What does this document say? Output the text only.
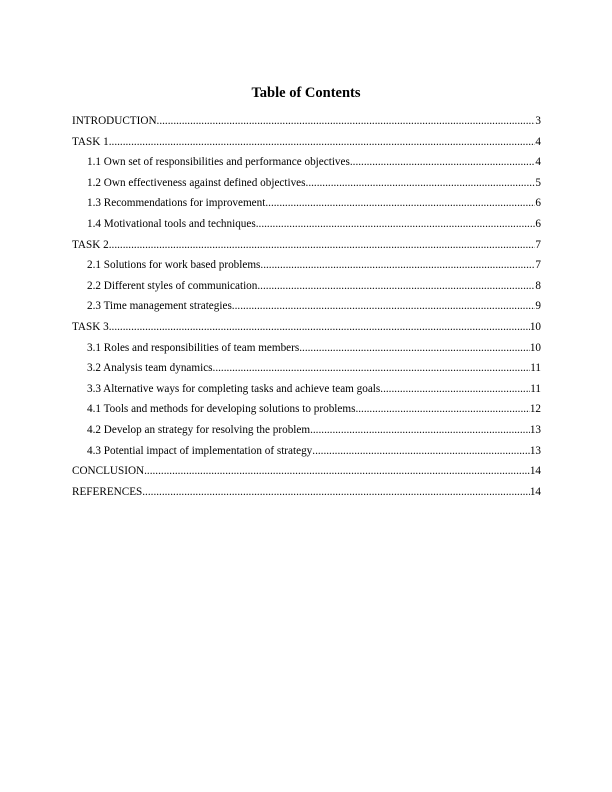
Table of Contents
INTRODUCTION .....	3
TASK 1 .....	4
1.1 Own set of responsibilities and performance objectives .....	4
1.2 Own effectiveness against defined objectives .....	5
1.3 Recommendations for improvement .....	6
1.4 Motivational tools and techniques .....	6
TASK 2 .....	7
2.1 Solutions for work based problems .....	7
2.2 Different styles of communication .....	8
2.3 Time management strategies .....	9
TASK 3 .....	10
3.1 Roles and responsibilities of team members .....	10
3.2 Analysis team dynamics .....	11
3.3 Alternative ways for completing tasks and achieve team goals. .....	11
4.1 Tools and methods for developing solutions to problems .....	12
4.2 Develop an strategy for resolving the problem .....	13
4.3 Potential impact of implementation of strategy .....	13
CONCLUSION .....	14
REFERENCES .....	14
